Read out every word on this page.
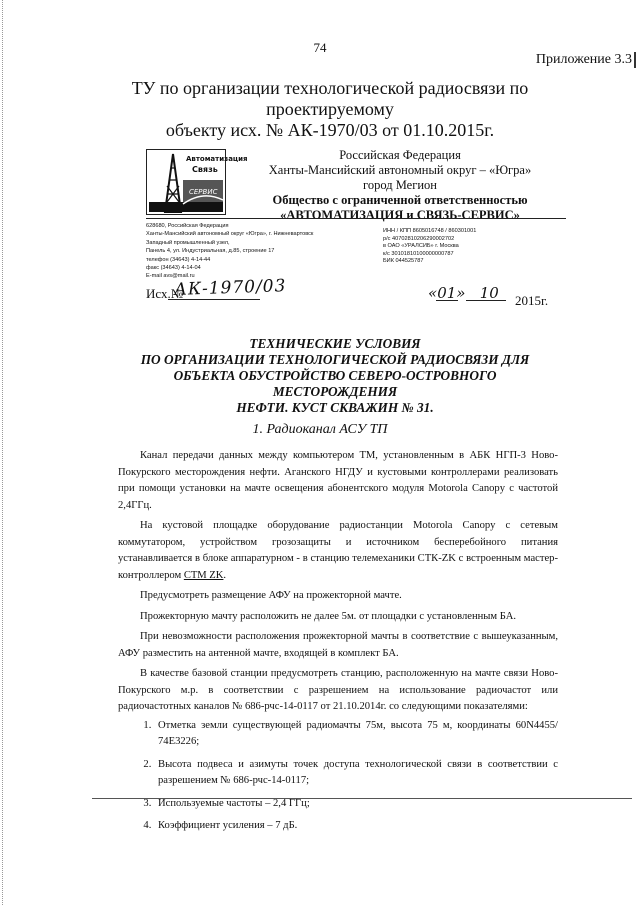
74
Приложение 3.3
ТУ по организации технологической радиосвязи по проектируемому
объекту исх. № АК-1970/03 от 01.10.2015г.
Автоматизация
Связь
СЕРВИС
Российская Федерация
Ханты-Мансийский автономный округ – «Югра»
город Мегион
Общество с ограниченной ответственностью
«АВТОМАТИЗАЦИЯ и СВЯЗЬ-СЕРВИС»
628680, Российская Федерация
Ханты-Мансийский автономный округ «Югра», г. Нижневартовск
Западный промышленный узел,
Панель 4, ул. Индустриальная, д.85, строение 17
телефон (34643) 4-14-44
факс (34643) 4-14-04
E-mail avs@mail.ru
ИНН / КПП 8605016748 / 860301001
р/с 40702810206290002702
в ОАО «УРАЛСИБ» г. Москва
к/с 30101810100000000787
БИК 044525787
Исх.№
АК-1970/03	«01»   10 2015г.
ТЕХНИЧЕСКИЕ УСЛОВИЯ
ПО ОРГАНИЗАЦИИ ТЕХНОЛОГИЧЕСКОЙ РАДИОСВЯЗИ ДЛЯ
ОБЪЕКТА ОБУСТРОЙСТВО СЕВЕРО-ОСТРОВНОГО МЕСТОРОЖДЕНИЯ
НЕФТИ. КУСТ СКВАЖИН № 31.
1. Радиоканал АСУ ТП

Канал передачи данных между компьютером ТМ, установленным в АБК НГП-3 Ново-Покурского месторождения нефти. Аганского НГДУ и кустовыми контроллерами реализовать при помощи установки на мачте освещения абонентского модуля Motorola Canopy с частотой 2,4ГГц.

На кустовой площадке оборудование радиостанции Motorola Canopy с сетевым коммутатором, устройством грозозащиты и источником бесперебойного питания устанавливается в блоке аппаратурном - в станцию телемеханики СТК-ZK с встроенным мастер-контроллером СТМ ZK.

Предусмотреть размещение АФУ на прожекторной мачте.

Прожекторную мачту расположить не далее 5м. от площадки с установленным БА.

При невозможности расположения прожекторной мачты в соответствие с вышеуказанным, АФУ разместить на антенной мачте, входящей в комплект БА.

В качестве базовой станции предусмотреть станцию, расположенную на мачте связи Ново-Покурского м.р. в соответствии с разрешением на использование радиочастот или радиочастотных каналов № 686-рчс-14-0117 от 21.10.2014г. со следующими показателями:

1. Отметка земли существующей радиомачты 75м, высота 75 м, координаты 60N4455/ 74Е3226;
2. Высота подвеса и азимуты точек доступа технологической связи в соответствии с разрешением № 686-рчс-14-0117;
3. Используемые частоты – 2,4 ГГц;
4. Коэффициент усиления – 7 дБ.
